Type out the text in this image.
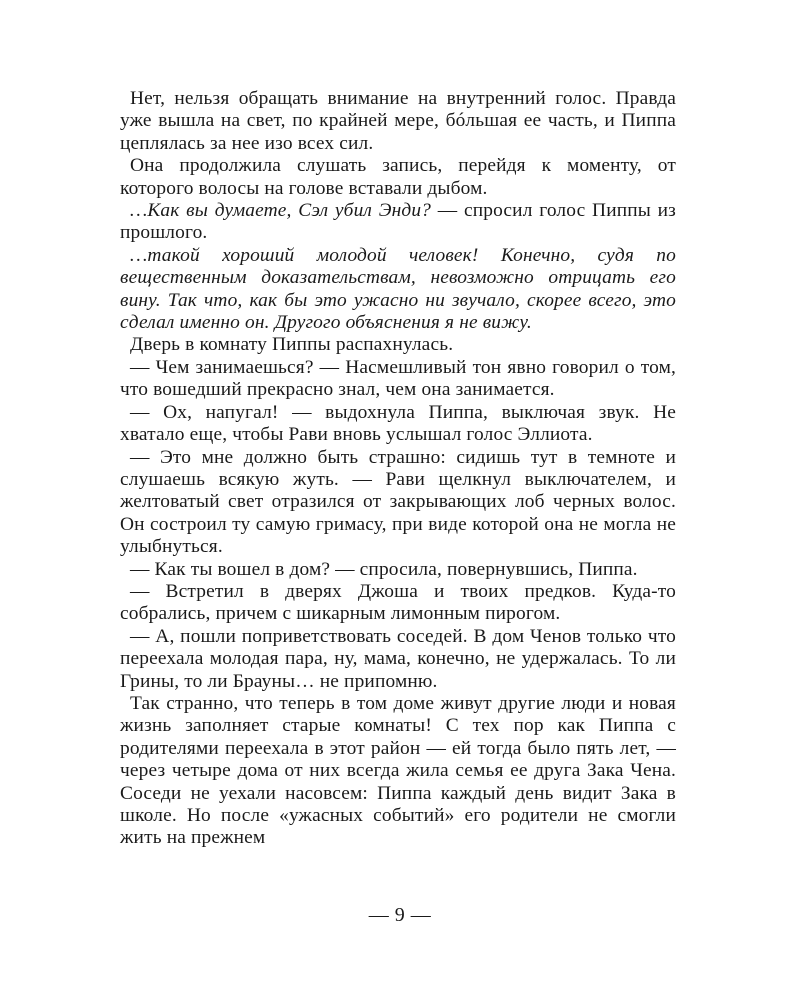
Нет, нельзя обращать внимание на внутренний голос. Правда уже вышла на свет, по крайней мере, бóльшая ее часть, и Пиппа цеплялась за нее изо всех сил.

Она продолжила слушать запись, перейдя к моменту, от которого волосы на голове вставали дыбом.

…Как вы думаете, Сэл убил Энди? — спросил голос Пиппы из прошлого.

…такой хороший молодой человек! Конечно, судя по вещественным доказательствам, невозможно отрицать его вину. Так что, как бы это ужасно ни звучало, скорее всего, это сделал именно он. Другого объяснения я не вижу.

Дверь в комнату Пиппы распахнулась.

— Чем занимаешься? — Насмешливый тон явно говорил о том, что вошедший прекрасно знал, чем она занимается.

— Ох, напугал! — выдохнула Пиппа, выключая звук. Не хватало еще, чтобы Рави вновь услышал голос Эллиота.

— Это мне должно быть страшно: сидишь тут в темноте и слушаешь всякую жуть. — Рави щелкнул выключателем, и желтоватый свет отразился от закрывающих лоб черных волос. Он состроил ту самую гримасу, при виде которой она не могла не улыбнуться.

— Как ты вошел в дом? — спросила, повернувшись, Пиппа.

— Встретил в дверях Джоша и твоих предков. Куда-то собрались, причем с шикарным лимонным пирогом.

— А, пошли поприветствовать соседей. В дом Ченов только что переехала молодая пара, ну, мама, конечно, не удержалась. То ли Грины, то ли Брауны… не припомню.

Так странно, что теперь в том доме живут другие люди и новая жизнь заполняет старые комнаты! С тех пор как Пиппа с родителями переехала в этот район — ей тогда было пять лет, — через четыре дома от них всегда жила семья ее друга Зака Чена. Соседи не уехали насовсем: Пиппа каждый день видит Зака в школе. Но после «ужасных событий» его родители не смогли жить на прежнем

— 9 —
